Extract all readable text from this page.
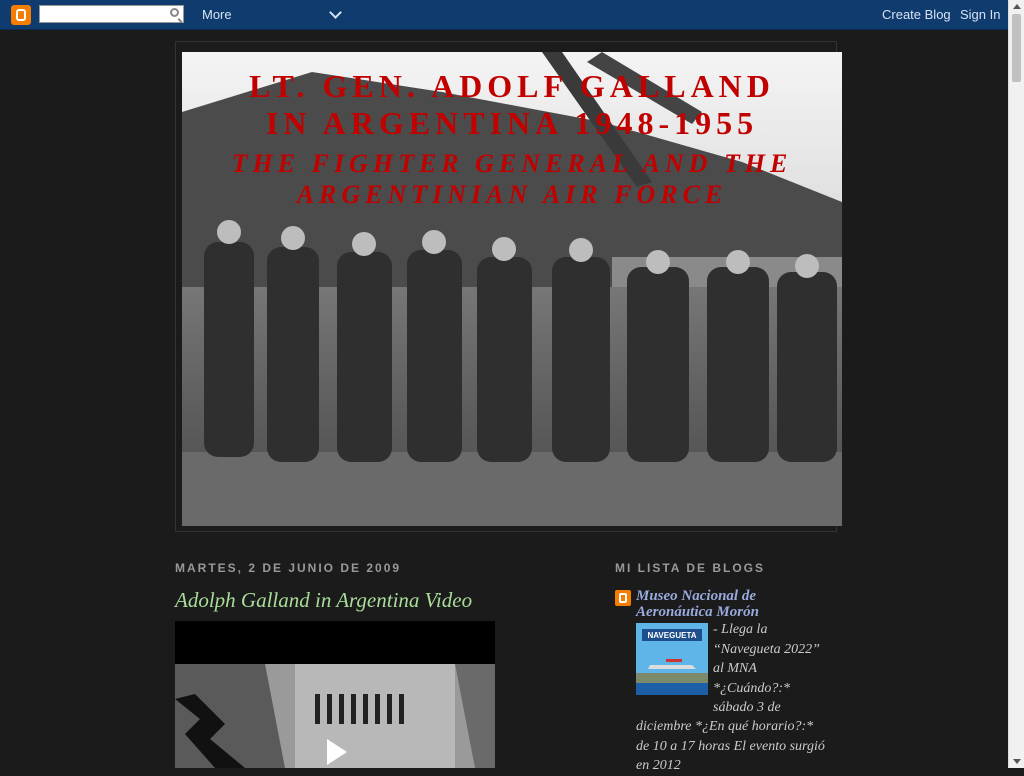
More	Create Blog Sign In

LT. GEN. ADOLF GALLAND
IN ARGENTINA 1948-1955

THE FIGHTER GENERAL AND THE
ARGENTINIAN AIR FORCE

MARTES, 2 DE JUNIO DE 2009
Adolph Galland in Argentina Video
MI LISTA DE BLOGS
Museo Nacional de Aeronáutica Morón
NAVEGUETA - Llega la “Navegueta 2022” al MNA *¿Cuándo?:* sábado 3 de

diciembre *¿En qué horario?:* de 10 a 17 horas El evento surgió en 2012
